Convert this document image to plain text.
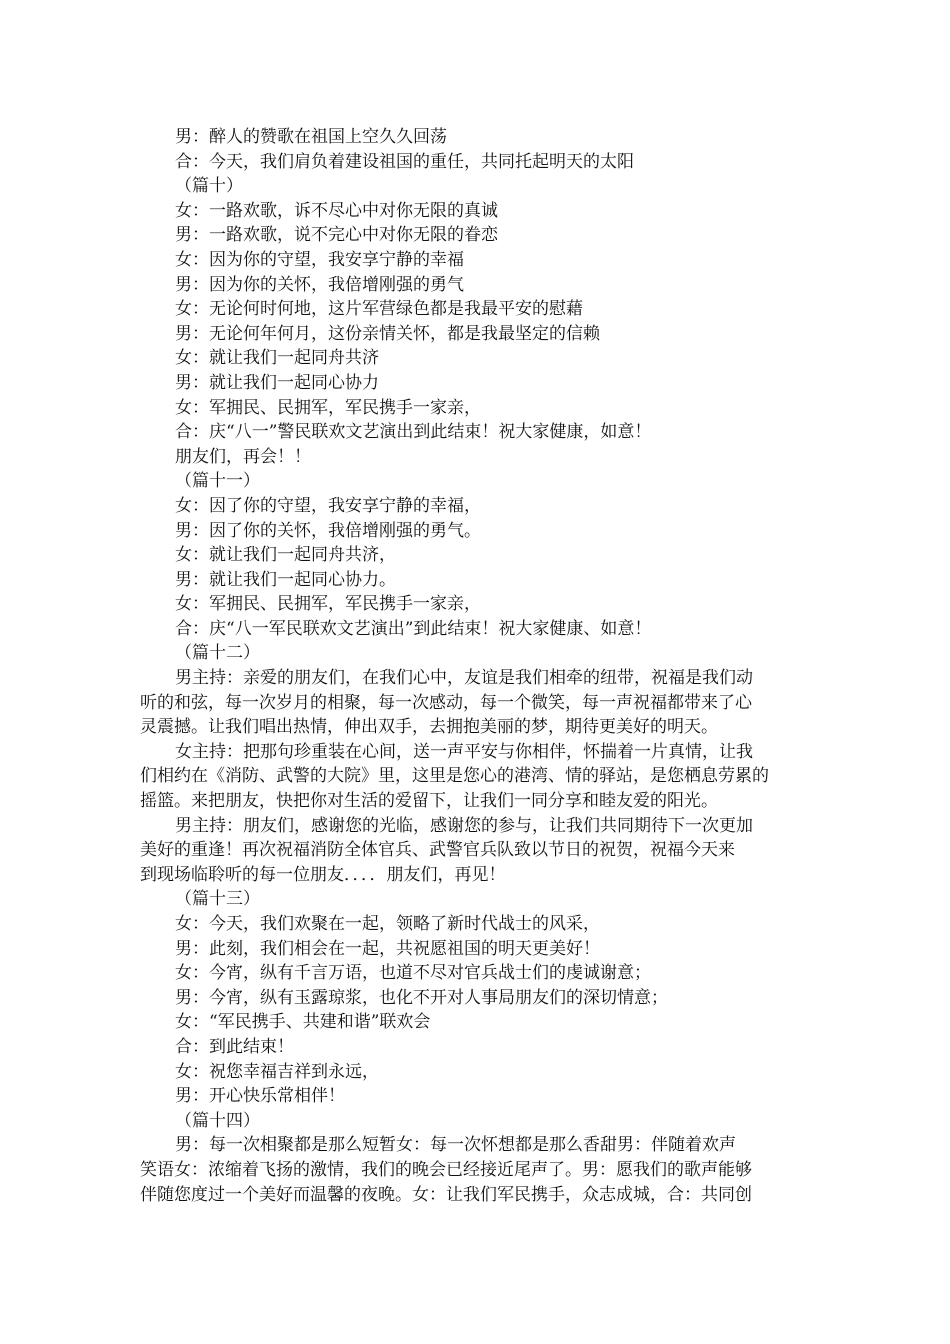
男：醉人的赞歌在祖国上空久久回荡

合：今天，我们肩负着建设祖国的重任，共同托起明天的太阳

（篇十）

女：一路欢歌，诉不尽心中对你无限的真诚

男：一路欢歌，说不完心中对你无限的眷恋

女：因为你的守望，我安享宁静的幸福

男：因为你的关怀，我倍增刚强的勇气

女：无论何时何地，这片军营绿色都是我最平安的慰藉

男：无论何年何月，这份亲情关怀，都是我最坚定的信赖

女：就让我们一起同舟共济

男：就让我们一起同心协力

女：军拥民、民拥军，军民携手一家亲，

合：庆“八一”警民联欢文艺演出到此结束！祝大家健康，如意！

朋友们，再会！！

（篇十一）

女：因了你的守望，我安享宁静的幸福，

男：因了你的关怀，我倍增刚强的勇气。

女：就让我们一起同舟共济，

男：就让我们一起同心协力。

女：军拥民、民拥军，军民携手一家亲，

合：庆“八一军民联欢文艺演出”到此结束！祝大家健康、如意！

（篇十二）

男主持：亲爱的朋友们，在我们心中，友谊是我们相牵的纽带，祝福是我们动

听的和弦，每一次岁月的相聚，每一次感动，每一个微笑，每一声祝福都带来了心

灵震撼。让我们唱出热情，伸出双手，去拥抱美丽的梦，期待更美好的明天。

女主持：把那句珍重装在心间，送一声平安与你相伴，怀揣着一片真情，让我

们相约在《消防、武警的大院》里，这里是您心的港湾、情的驿站，是您栖息劳累的

摇篮。来把朋友，快把你对生活的爱留下，让我们一同分享和睦友爱的阳光。

男主持：朋友们，感谢您的光临，感谢您的参与，让我们共同期待下一次更加

美好的重逢！再次祝福消防全体官兵、武警官兵队致以节日的祝贺，祝福今天来

到现场临聆听的每一位朋友．．．．朋友们，再见！

（篇十三）

女：今天，我们欢聚在一起，领略了新时代战士的风采，

男：此刻，我们相会在一起，共祝愿祖国的明天更美好！

女：今宵，纵有千言万语，也道不尽对官兵战士们的虔诚谢意；

男：今宵，纵有玉露琼浆，也化不开对人事局朋友们的深切情意；

女：“军民携手、共建和谐”联欢会

合：到此结束！

女：祝您幸福吉祥到永远，

男：开心快乐常相伴！

（篇十四）

男：每一次相聚都是那么短暂女：每一次怀想都是那么香甜男：伴随着欢声

笑语女：浓缩着飞扬的激情，我们的晚会已经接近尾声了。男：愿我们的歌声能够

伴随您度过一个美好而温馨的夜晚。女：让我们军民携手，众志成城，合：共同创
